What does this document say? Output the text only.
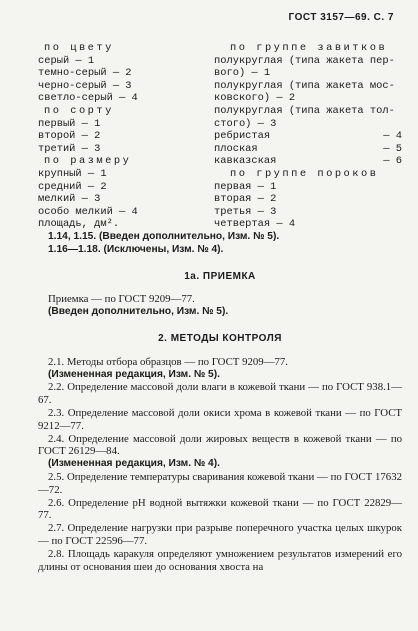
ГОСТ 3157—69. С. 7
по цвету
серый — 1
темно-серый — 2
черно-серый — 3
светло-серый — 4
по сорту
первый — 1
второй — 2
третий — 3
по размеру
крупный — 1
средний — 2
мелкий — 3
особо мелкий — 4
площадь, дм².
по группе завитков
полукруглая (типа жакета пер-
вого) — 1
полукруглая (типа жакета мос-
ковского) — 2
полукруглая (типа жакета тол-
стого) — 3
ребристая	— 4
плоская	— 5
кавказская	— 6
по группе пороков
первая — 1
вторая — 2
третья — 3
четвертая — 4

1.14, 1.15. (Введен дополнительно, Изм. № 5).

1.16—1.18. (Исключены, Изм. № 4).

1а. ПРИЕМКА

Приемка — по ГОСТ 9209—77.

(Введен дополнительно, Изм. № 5).

2. МЕТОДЫ КОНТРОЛЯ

2.1. Методы отбора образцов — по ГОСТ 9209—77.

(Измененная редакция, Изм. № 5).

2.2. Определение массовой доли влаги в кожевой ткани — по ГОСТ 938.1—67.

2.3. Определение массовой доли окиси хрома в кожевой ткани — по ГОСТ 9212—77.

2.4. Определение массовой доли жировых веществ в кожевой ткани — по ГОСТ 26129—84.

(Измененная редакция, Изм. № 4).

2.5. Определение температуры сваривания кожевой ткани — по ГОСТ 17632—72.

2.6. Определение pH водной вытяжки кожевой ткани — по ГОСТ 22829—77.

2.7. Определение нагрузки при разрыве поперечного участка целых шкурок — по ГОСТ 22596—77.

2.8. Площадь каракуля определяют умножением результатов измерений его длины от основания шеи до основания хвоста на
